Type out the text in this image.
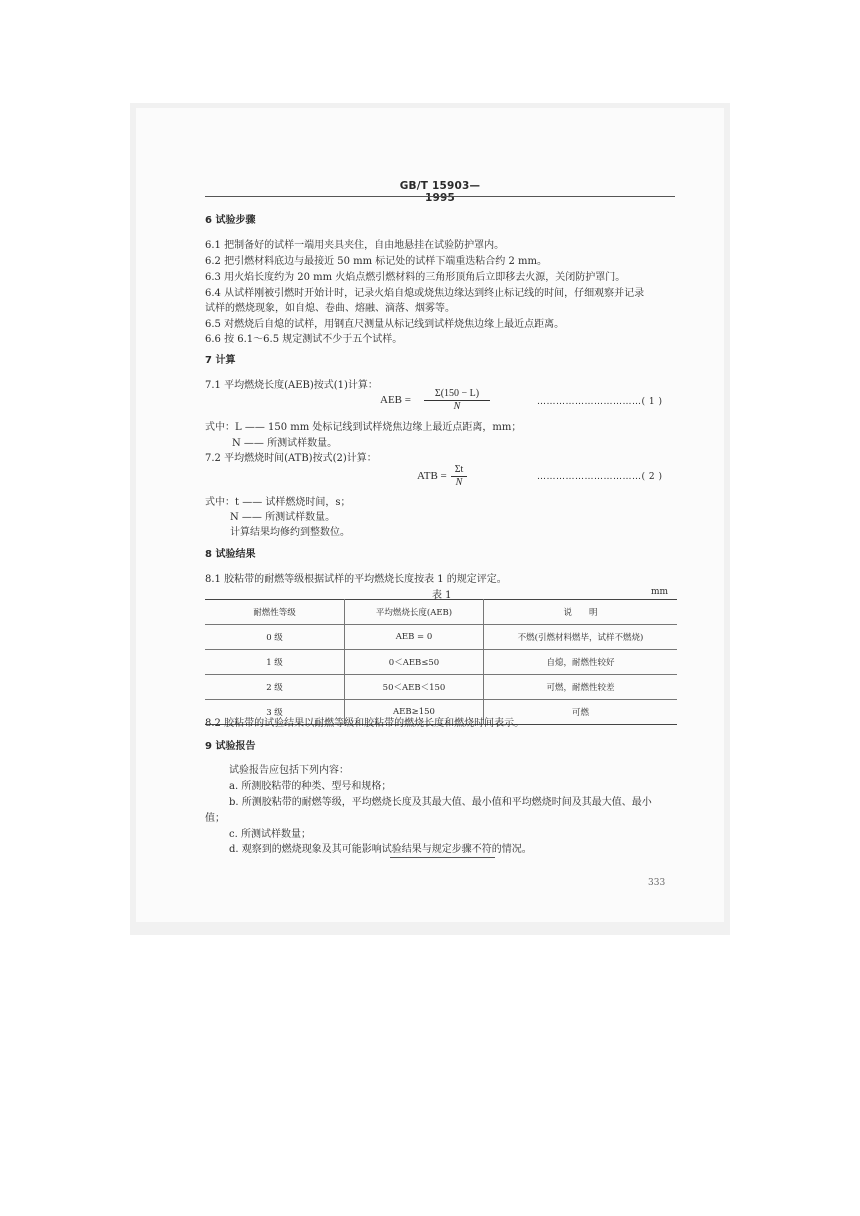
GB/T 15903—1995
6 试验步骤
6.1 把制备好的试样一端用夹具夹住，自由地悬挂在试验防护罩内。
6.2 把引燃材料底边与最接近 50 mm 标记处的试样下端重迭粘合约 2 mm。
6.3 用火焰长度约为 20 mm 火焰点燃引燃材料的三角形顶角后立即移去火源，关闭防护罩门。
6.4 从试样刚被引燃时开始计时，记录火焰自熄或烧焦边缘达到终止标记线的时间，仔细观察并记录
试样的燃烧现象，如自熄、卷曲、熔融、滴落、烟雾等。
6.5 对燃烧后自熄的试样，用钢直尺测量从标记线到试样烧焦边缘上最近点距离。
6.6 按 6.1～6.5 规定测试不少于五个试样。
7 计算
7.1 平均燃烧长度(AEB)按式(1)计算：
AEB = $\frac{\Sigma(150 - L)}{N}$	……………………………( 1 )
式中：L —— 150 mm 处标记线到试样烧焦边缘上最近点距离，mm；
N —— 所测试样数量。
7.2 平均燃烧时间(ATB)按式(2)计算：
ATB = $\frac{\Sigma t}{N}$	……………………………( 2 )
式中：t —— 试样燃烧时间，s；
N —— 所测试样数量。
计算结果均修约到整数位。
8 试验结果
8.1 胶粘带的耐燃等级根据试样的平均燃烧长度按表 1 的规定评定。
表 1	mm
耐燃性等级	平均燃烧长度(AEB)	说　　明
0 级	AEB = 0	不燃(引燃材料燃毕，试样不燃烧)
1 级	0＜AEB≤50	自熄，耐燃性较好
2 级	50＜AEB＜150	可燃，耐燃性较差
3 级	AEB≥150	可燃
8.2 胶粘带的试验结果以耐燃等级和胶粘带的燃烧长度和燃烧时间表示。
9 试验报告
试验报告应包括下列内容：
a. 所测胶粘带的种类、型号和规格；
b. 所测胶粘带的耐燃等级，平均燃烧长度及其最大值、最小值和平均燃烧时间及其最大值、最小
值；
c. 所测试样数量；
d. 观察到的燃烧现象及其可能影响试验结果与规定步骤不符的情况。
333
